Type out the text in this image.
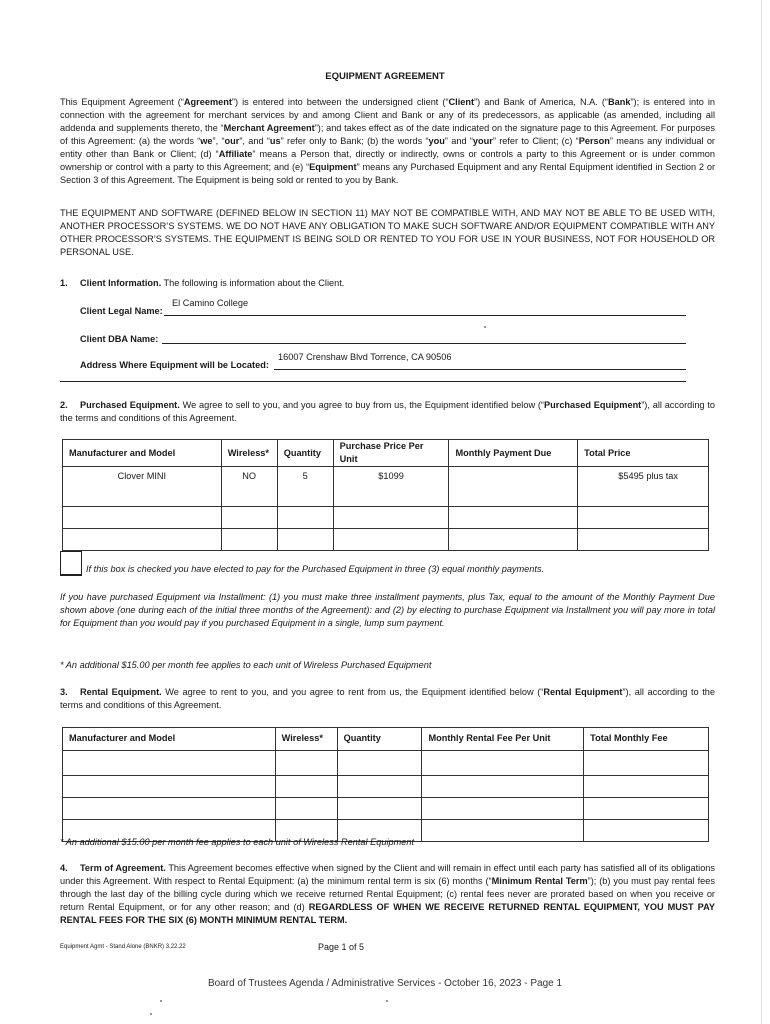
EQUIPMENT AGREEMENT
This Equipment Agreement (“Agreement”) is entered into between the undersigned client (“Client”) and Bank of America, N.A. (“Bank”); is entered into in connection with the agreement for merchant services by and among Client and Bank or any of its predecessors, as applicable (as amended, including all addenda and supplements thereto, the “Merchant Agreement”); and takes effect as of the date indicated on the signature page to this Agreement. For purposes of this Agreement: (a) the words “we”, “our”, and “us” refer only to Bank; (b) the words “you” and “your” refer to Client; (c) “Person” means any individual or entity other than Bank or Client; (d) “Affiliate” means a Person that, directly or indirectly, owns or controls a party to this Agreement or is under common ownership or control with a party to this Agreement; and (e) “Equipment” means any Purchased Equipment and any Rental Equipment identified in Section 2 or Section 3 of this Agreement. The Equipment is being sold or rented to you by Bank.
THE EQUIPMENT AND SOFTWARE (DEFINED BELOW IN SECTION 11) MAY NOT BE COMPATIBLE WITH, AND MAY NOT BE ABLE TO BE USED WITH, ANOTHER PROCESSOR’S SYSTEMS. WE DO NOT HAVE ANY OBLIGATION TO MAKE SUCH SOFTWARE AND/OR EQUIPMENT COMPATIBLE WITH ANY OTHER PROCESSOR’S SYSTEMS. THE EQUIPMENT IS BEING SOLD OR RENTED TO YOU FOR USE IN YOUR BUSINESS, NOT FOR HOUSEHOLD OR PERSONAL USE.
1. Client Information. The following is information about the Client.
Client Legal Name:
El Camino College
Client DBA Name:
Address Where Equipment will be Located:
16007 Crenshaw Blvd Torrence, CA 90506
2. Purchased Equipment. We agree to sell to you, and you agree to buy from us, the Equipment identified below (“Purchased Equipment”), all according to the terms and conditions of this Agreement.
Manufacturer and Model	Wireless*	Quantity	Purchase Price Per Unit	Monthly Payment Due	Total Price
Clover MINI	NO	5	$1099		$5495 plus tax

If this box is checked you have elected to pay for the Purchased Equipment in three (3) equal monthly payments.
If you have purchased Equipment via Installment: (1) you must make three installment payments, plus Tax, equal to the amount of the Monthly Payment Due shown above (one during each of the initial three months of the Agreement): and (2) by electing to purchase Equipment via Installment you will pay more in total for Equipment than you would pay if you purchased Equipment in a single, lump sum payment.
* An additional $15.00 per month fee applies to each unit of Wireless Purchased Equipment
3. Rental Equipment. We agree to rent to you, and you agree to rent from us, the Equipment identified below (“Rental Equipment”), all according to the terms and conditions of this Agreement.
Manufacturer and Model	Wireless*	Quantity	Monthly Rental Fee Per Unit	Total Monthly Fee

* An additional $15.00 per month fee applies to each unit of Wireless Rental Equipment
4. Term of Agreement. This Agreement becomes effective when signed by the Client and will remain in effect until each party has satisfied all of its obligations under this Agreement. With respect to Rental Equipment: (a) the minimum rental term is six (6) months (“Minimum Rental Term”); (b) you must pay rental fees through the last day of the billing cycle during which we receive returned Rental Equipment; (c) rental fees never are prorated based on when you receive or return Rental Equipment, or for any other reason; and (d) REGARDLESS OF WHEN WE RECEIVE RETURNED RENTAL EQUIPMENT, YOU MUST PAY RENTAL FEES FOR THE SIX (6) MONTH MINIMUM RENTAL TERM.
Equipment Agmt - Stand Alone (BNKR) 3.22.22	Page 1 of 5
Board of Trustees Agenda / Administrative Services - October 16, 2023 - Page 1
